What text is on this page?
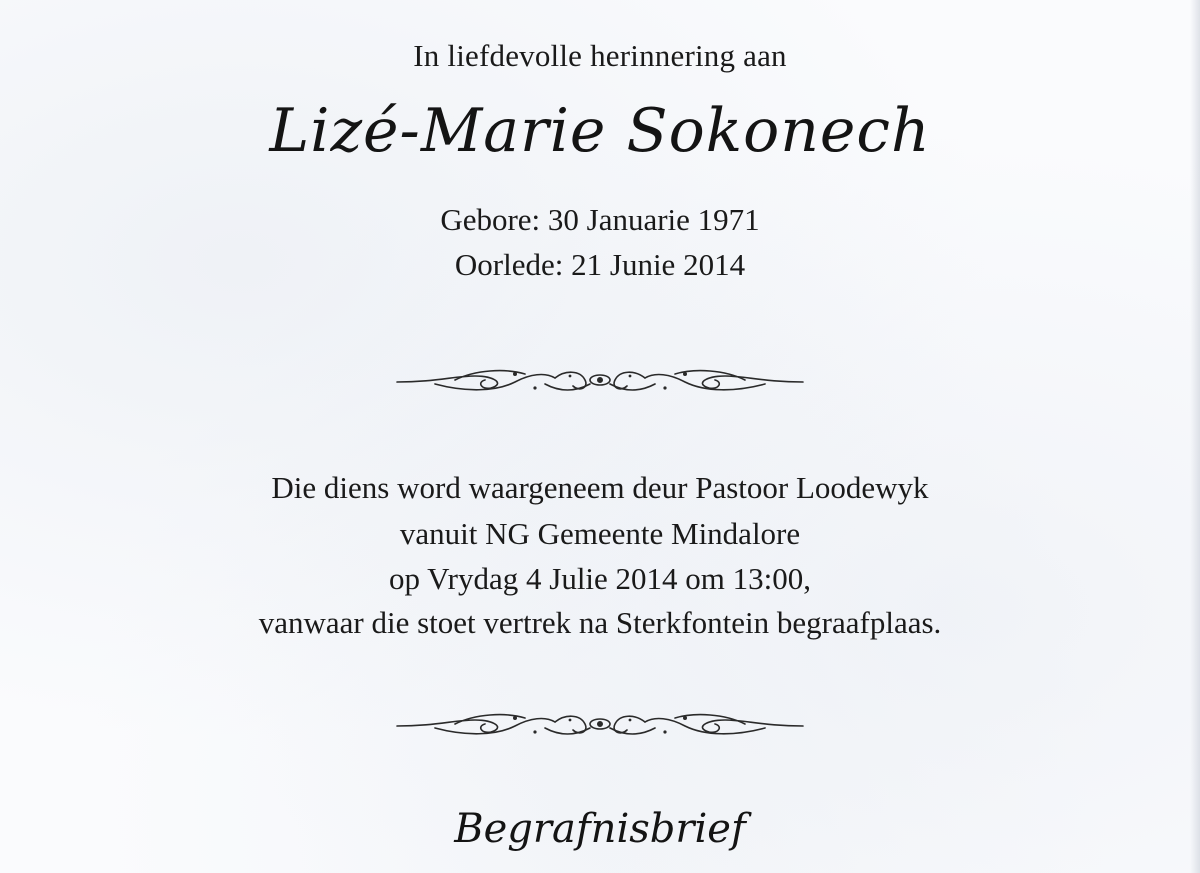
In liefdevolle herinnering aan
Lizé-Marie Sokonech
Gebore: 30 Januarie 1971
Oorlede: 21 Junie 2014
Die diens word waargeneem deur Pastoor Loodewyk
vanuit NG Gemeente Mindalore
op Vrydag 4 Julie 2014 om 13:00,
vanwaar die stoet vertrek na Sterkfontein begraafplaas.
Begrafnisbrief
